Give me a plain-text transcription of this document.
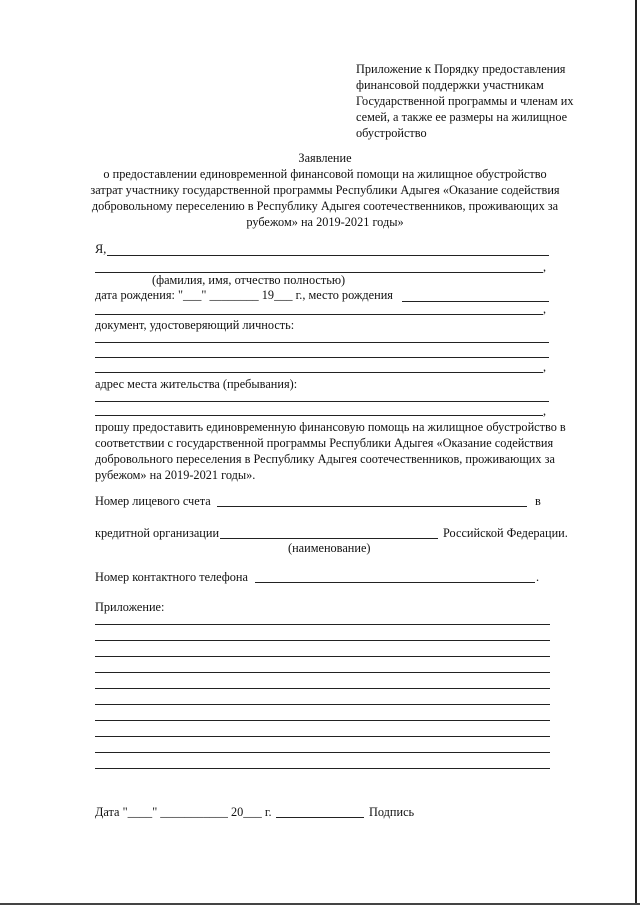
Приложение к Порядку предоставления
финансовой поддержки участникам
Государственной программы и членам их
семей, а также ее размеры на жилищное
обустройство
Заявление
о предоставлении единовременной финансовой помощи на жилищное обустройство
затрат участнику государственной программы Республики Адыгея «Оказание содействия
добровольному переселению в Республику Адыгея соотечественников, проживающих за
рубежом» на 2019-2021 годы»
Я,
,
(фамилия, имя, отчество полностью)
дата рождения: "___" ________ 19___ г., место рождения
,
документ, удостоверяющий личность:
,
адрес места жительства (пребывания):
,
прошу предоставить единовременную финансовую помощь на жилищное обустройство в
соответствии с государственной программы Республики Адыгея «Оказание содействия
добровольного переселения в Республику Адыгея соотечественников, проживающих за
рубежом» на 2019-2021 годы».
Номер лицевого счета	в
кредитной организации	Российской Федерации.
(наименование)
Номер контактного телефона	.
Приложение:
Дата "____" ___________ 20___ г.	Подпись
